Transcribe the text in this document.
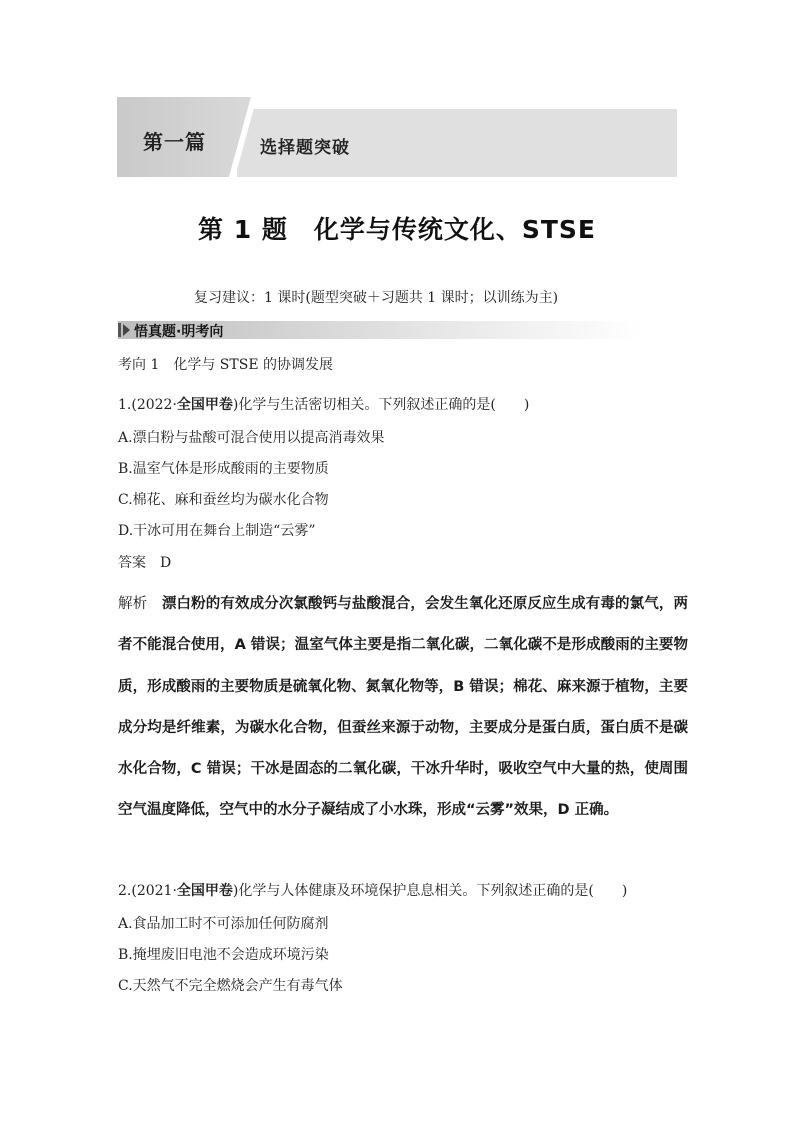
第一篇	选择题突破
第 1 题　化学与传统文化、STSE
复习建议：1 课时(题型突破＋习题共 1 课时；以训练为主)
悟真题·明考向
考向 1　化学与 STSE 的协调发展
1.(2022·全国甲卷)化学与生活密切相关。下列叙述正确的是(　　)
A.漂白粉与盐酸可混合使用以提高消毒效果
B.温室气体是形成酸雨的主要物质
C.棉花、麻和蚕丝均为碳水化合物
D.干冰可用在舞台上制造“云雾”
答案　D
解析　漂白粉的有效成分次氯酸钙与盐酸混合，会发生氧化还原反应生成有毒的氯气，两者不能混合使用，A 错误；温室气体主要是指二氧化碳，二氧化碳不是形成酸雨的主要物质，形成酸雨的主要物质是硫氧化物、氮氧化物等，B 错误；棉花、麻来源于植物，主要成分均是纤维素，为碳水化合物，但蚕丝来源于动物，主要成分是蛋白质，蛋白质不是碳水化合物，C 错误；干冰是固态的二氧化碳，干冰升华时，吸收空气中大量的热，使周围空气温度降低，空气中的水分子凝结成了小水珠，形成“云雾”效果，D 正确。
2.(2021·全国甲卷)化学与人体健康及环境保护息息相关。下列叙述正确的是(　　)
A.食品加工时不可添加任何防腐剂
B.掩埋废旧电池不会造成环境污染
C.天然气不完全燃烧会产生有毒气体
